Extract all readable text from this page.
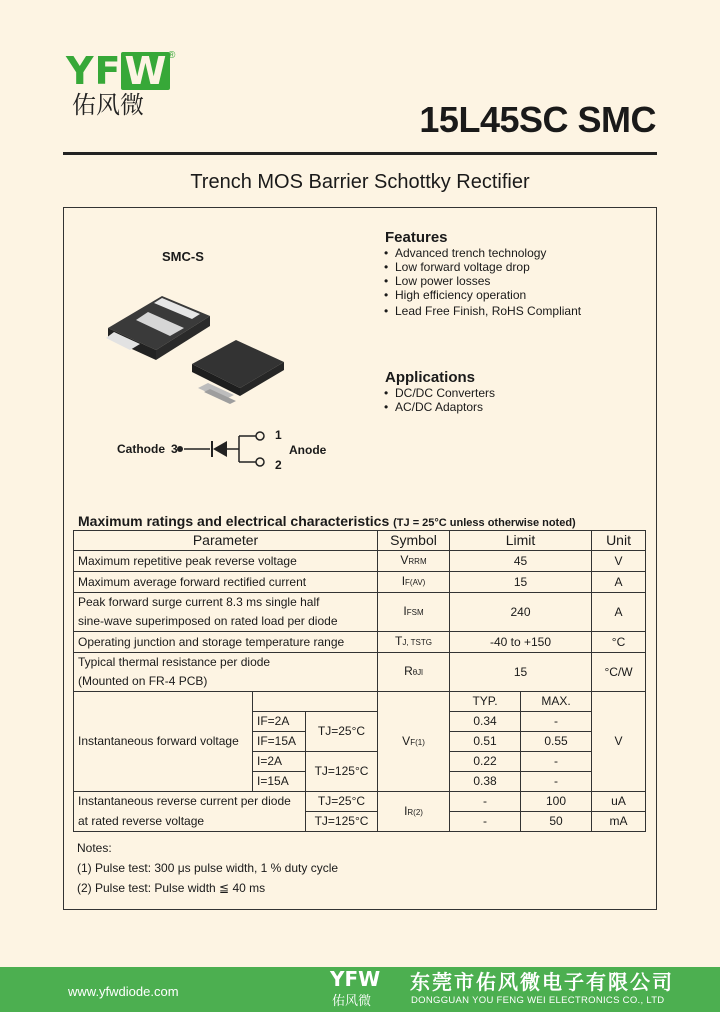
YFW ®
佑风微	15L45SC SMC
Trench MOS Barrier Schottky Rectifier
SMC-S
Cathode 3
1
2
Anode
Features
• Advanced trench technology
• Low forward voltage drop
• Low power losses
• High efficiency operation
• Lead Free Finish, RoHS Compliant
Applications
• DC/DC Converters
• AC/DC Adaptors
Maximum ratings and electrical characteristics (TJ = 25°C unless otherwise noted)
Parameter			Symbol	Limit		Unit
Maximum repetitive peak reverse voltage			VRRM	45		V
Maximum average forward rectified current			IF(AV)	15		A
Peak forward surge current 8.3 ms single half			IFSM	240		A
sine-wave superimposed on rated load per diode						
Operating junction and storage temperature range			TJ, TSTG	-40 to +150		°C
Typical thermal resistance per diode			RθJl	15		°C/W
(Mounted on FR-4 PCB)						
Instantaneous forward voltage			VF(1)	TYP.	MAX.	V
	IF=2A	TJ=25°C		0.34	-	
	IF=15A			0.51	0.55	
	I=2A	TJ=125°C		0.22	-	
	I=15A			0.38	-	
Instantaneous reverse current per diode		TJ=25°C	IR(2)	-	100	uA
at rated reverse voltage		TJ=125°C		-	50	mA
Notes:
(1) Pulse test: 300 μs pulse width, 1 % duty cycle
(2) Pulse test: Pulse width ≦ 40 ms
www.yfwdiode.com
YFW
佑风微
东莞市佑风微电子有限公司
DONGGUAN YOU FENG WEI ELECTRONICS CO., LTD
